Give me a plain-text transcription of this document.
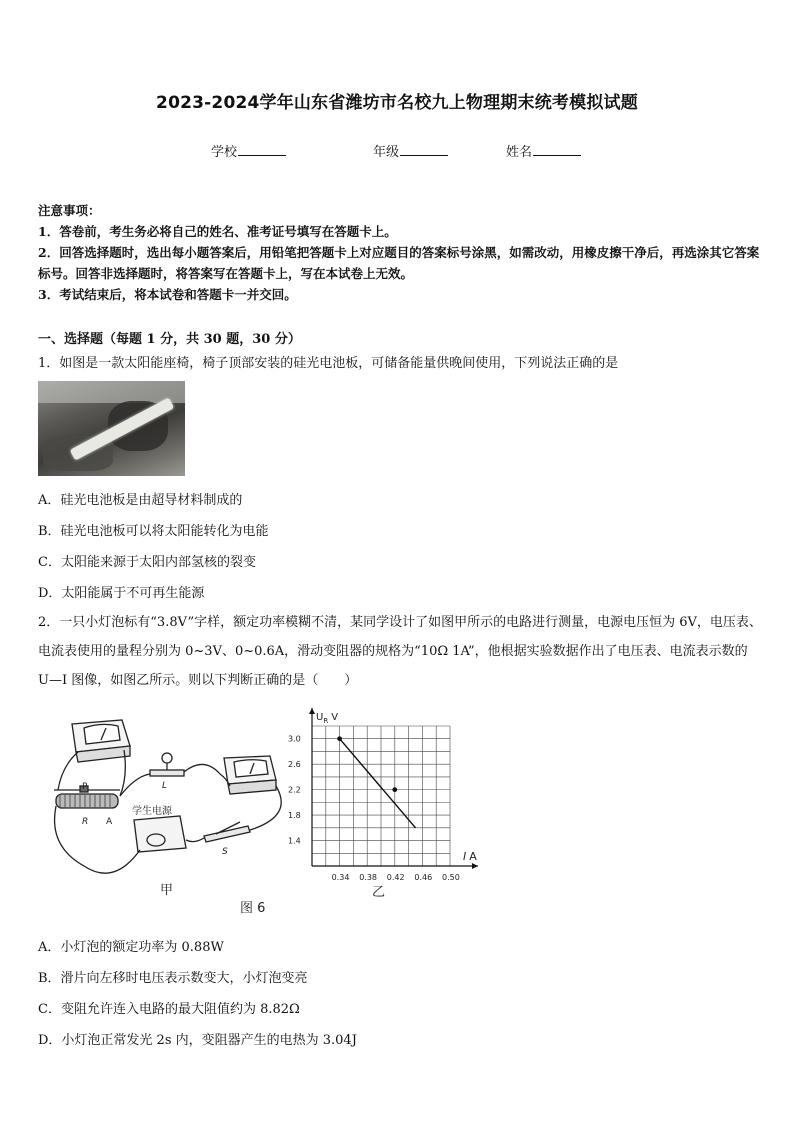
2023-2024学年山东省潍坊市名校九上物理期末统考模拟试题
学校	年级	姓名
注意事项：
1．答卷前，考生务必将自己的姓名、准考证号填写在答题卡上。
2．回答选择题时，选出每小题答案后，用铅笔把答题卡上对应题目的答案标号涂黑，如需改动，用橡皮擦干净后，再选涂其它答案标号。回答非选择题时，将答案写在答题卡上，写在本试卷上无效。
3．考试结束后，将本试卷和答题卡一并交回。
一、选择题（每题 1 分，共 30 题，30 分）
1．如图是一款太阳能座椅，椅子顶部安装的硅光电池板，可储备能量供晚间使用，下列说法正确的是
A．硅光电池板是由超导材料制成的
B．硅光电池板可以将太阳能转化为电能
C．太阳能来源于太阳内部氢核的裂变
D．太阳能属于不可再生能源
2．一只小灯泡标有“3.8V”字样，额定功率模糊不清，某同学设计了如图甲所示的电路进行测量，电源电压恒为 6V，电压表、电流表使用的量程分别为 0~3V、0~0.6A，滑动变阻器的规格为“10Ω 1A”，他根据实验数据作出了电压表、电流表示数的 U—I 图像，如图乙所示。则以下判断正确的是（　　）
P
R A
L
S
学生电源
甲
图 6
$U_R$ V
I A
乙
0.34 0.38 0.42 0.46 0.50
3.0
2.6
2.2
1.8
1.4
A．小灯泡的额定功率为 0.88W
B．滑片向左移时电压表示数变大，小灯泡变亮
C．变阻允许连入电路的最大阻值约为 8.82Ω
D．小灯泡正常发光 2s 内，变阻器产生的电热为 3.04J
